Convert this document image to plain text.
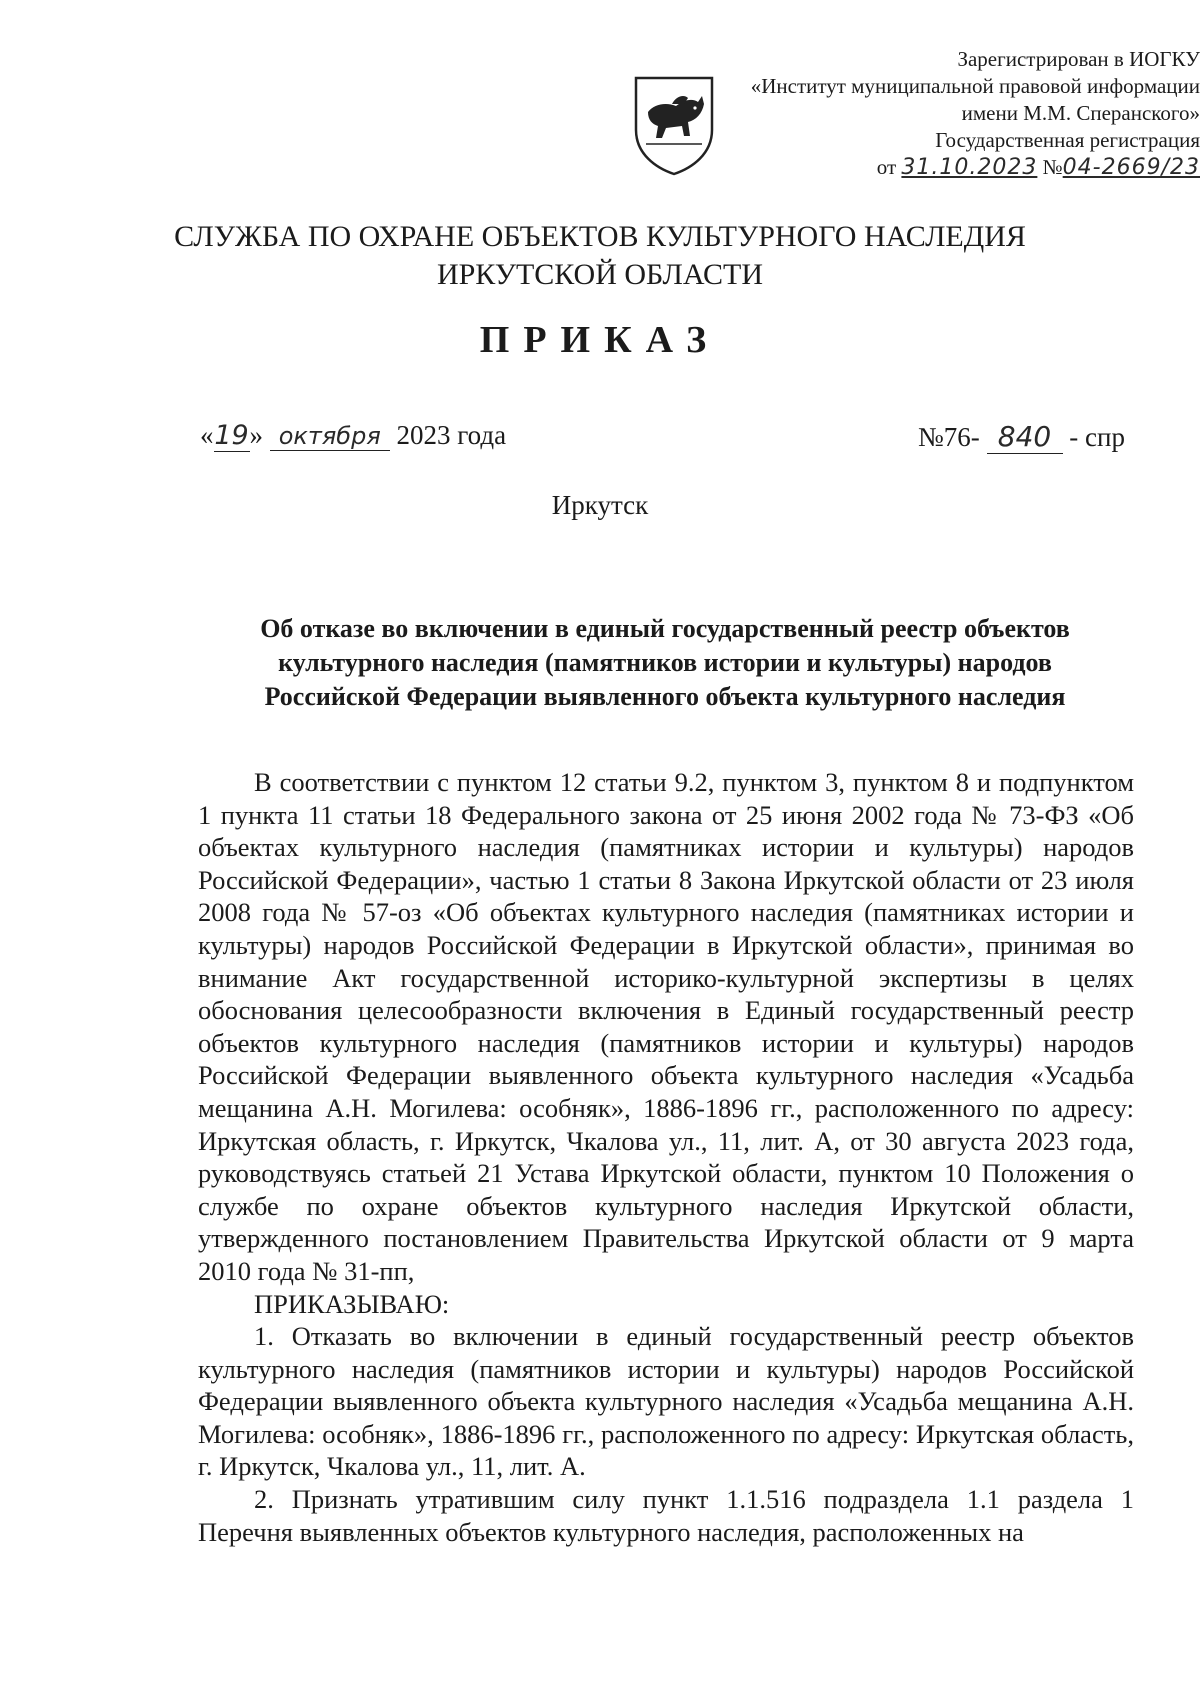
Зарегистрирован в ИОГКУ
«Институт муниципальной правовой информации
имени М.М. Сперанского»
Государственная регистрация
от 31.10.2023 №04-2669/23
СЛУЖБА ПО ОХРАНЕ ОБЪЕКТОВ КУЛЬТУРНОГО НАСЛЕДИЯ
ИРКУТСКОЙ ОБЛАСТИ
ПРИКАЗ
«19» октября 2023 года	№76- 840 - спр
Иркутск
Об отказе во включении в единый государственный реестр объектов
культурного наследия (памятников истории и культуры) народов
Российской Федерации выявленного объекта культурного наследия

В соответствии с пунктом 12 статьи 9.2, пунктом 3, пунктом 8 и подпунктом 1 пункта 11 статьи 18 Федерального закона от 25 июня 2002 года № 73-ФЗ «Об объектах культурного наследия (памятниках истории и культуры) народов Российской Федерации», частью 1 статьи 8 Закона Иркутской области от 23 июля 2008 года № 57-оз «Об объектах культурного наследия (памятниках истории и культуры) народов Российской Федерации в Иркутской области», принимая во внимание Акт государственной историко-культурной экспертизы в целях обоснования целесообразности включения в Единый государственный реестр объектов культурного наследия (памятников истории и культуры) народов Российской Федерации выявленного объекта культурного наследия «Усадьба мещанина А.Н. Могилева: особняк», 1886-1896 гг., расположенного по адресу: Иркутская область, г. Иркутск, Чкалова ул., 11, лит. А, от 30 августа 2023 года, руководствуясь статьей 21 Устава Иркутской области, пунктом 10 Положения о службе по охране объектов культурного наследия Иркутской области, утвержденного постановлением Правительства Иркутской области от 9 марта 2010 года № 31-пп,

ПРИКАЗЫВАЮ:

1. Отказать во включении в единый государственный реестр объектов культурного наследия (памятников истории и культуры) народов Российской Федерации выявленного объекта культурного наследия «Усадьба мещанина А.Н. Могилева: особняк», 1886-1896 гг., расположенного по адресу: Иркутская область, г. Иркутск, Чкалова ул., 11, лит. А.

2. Признать утратившим силу пункт 1.1.516 подраздела 1.1 раздела 1 Перечня выявленных объектов культурного наследия, расположенных на
